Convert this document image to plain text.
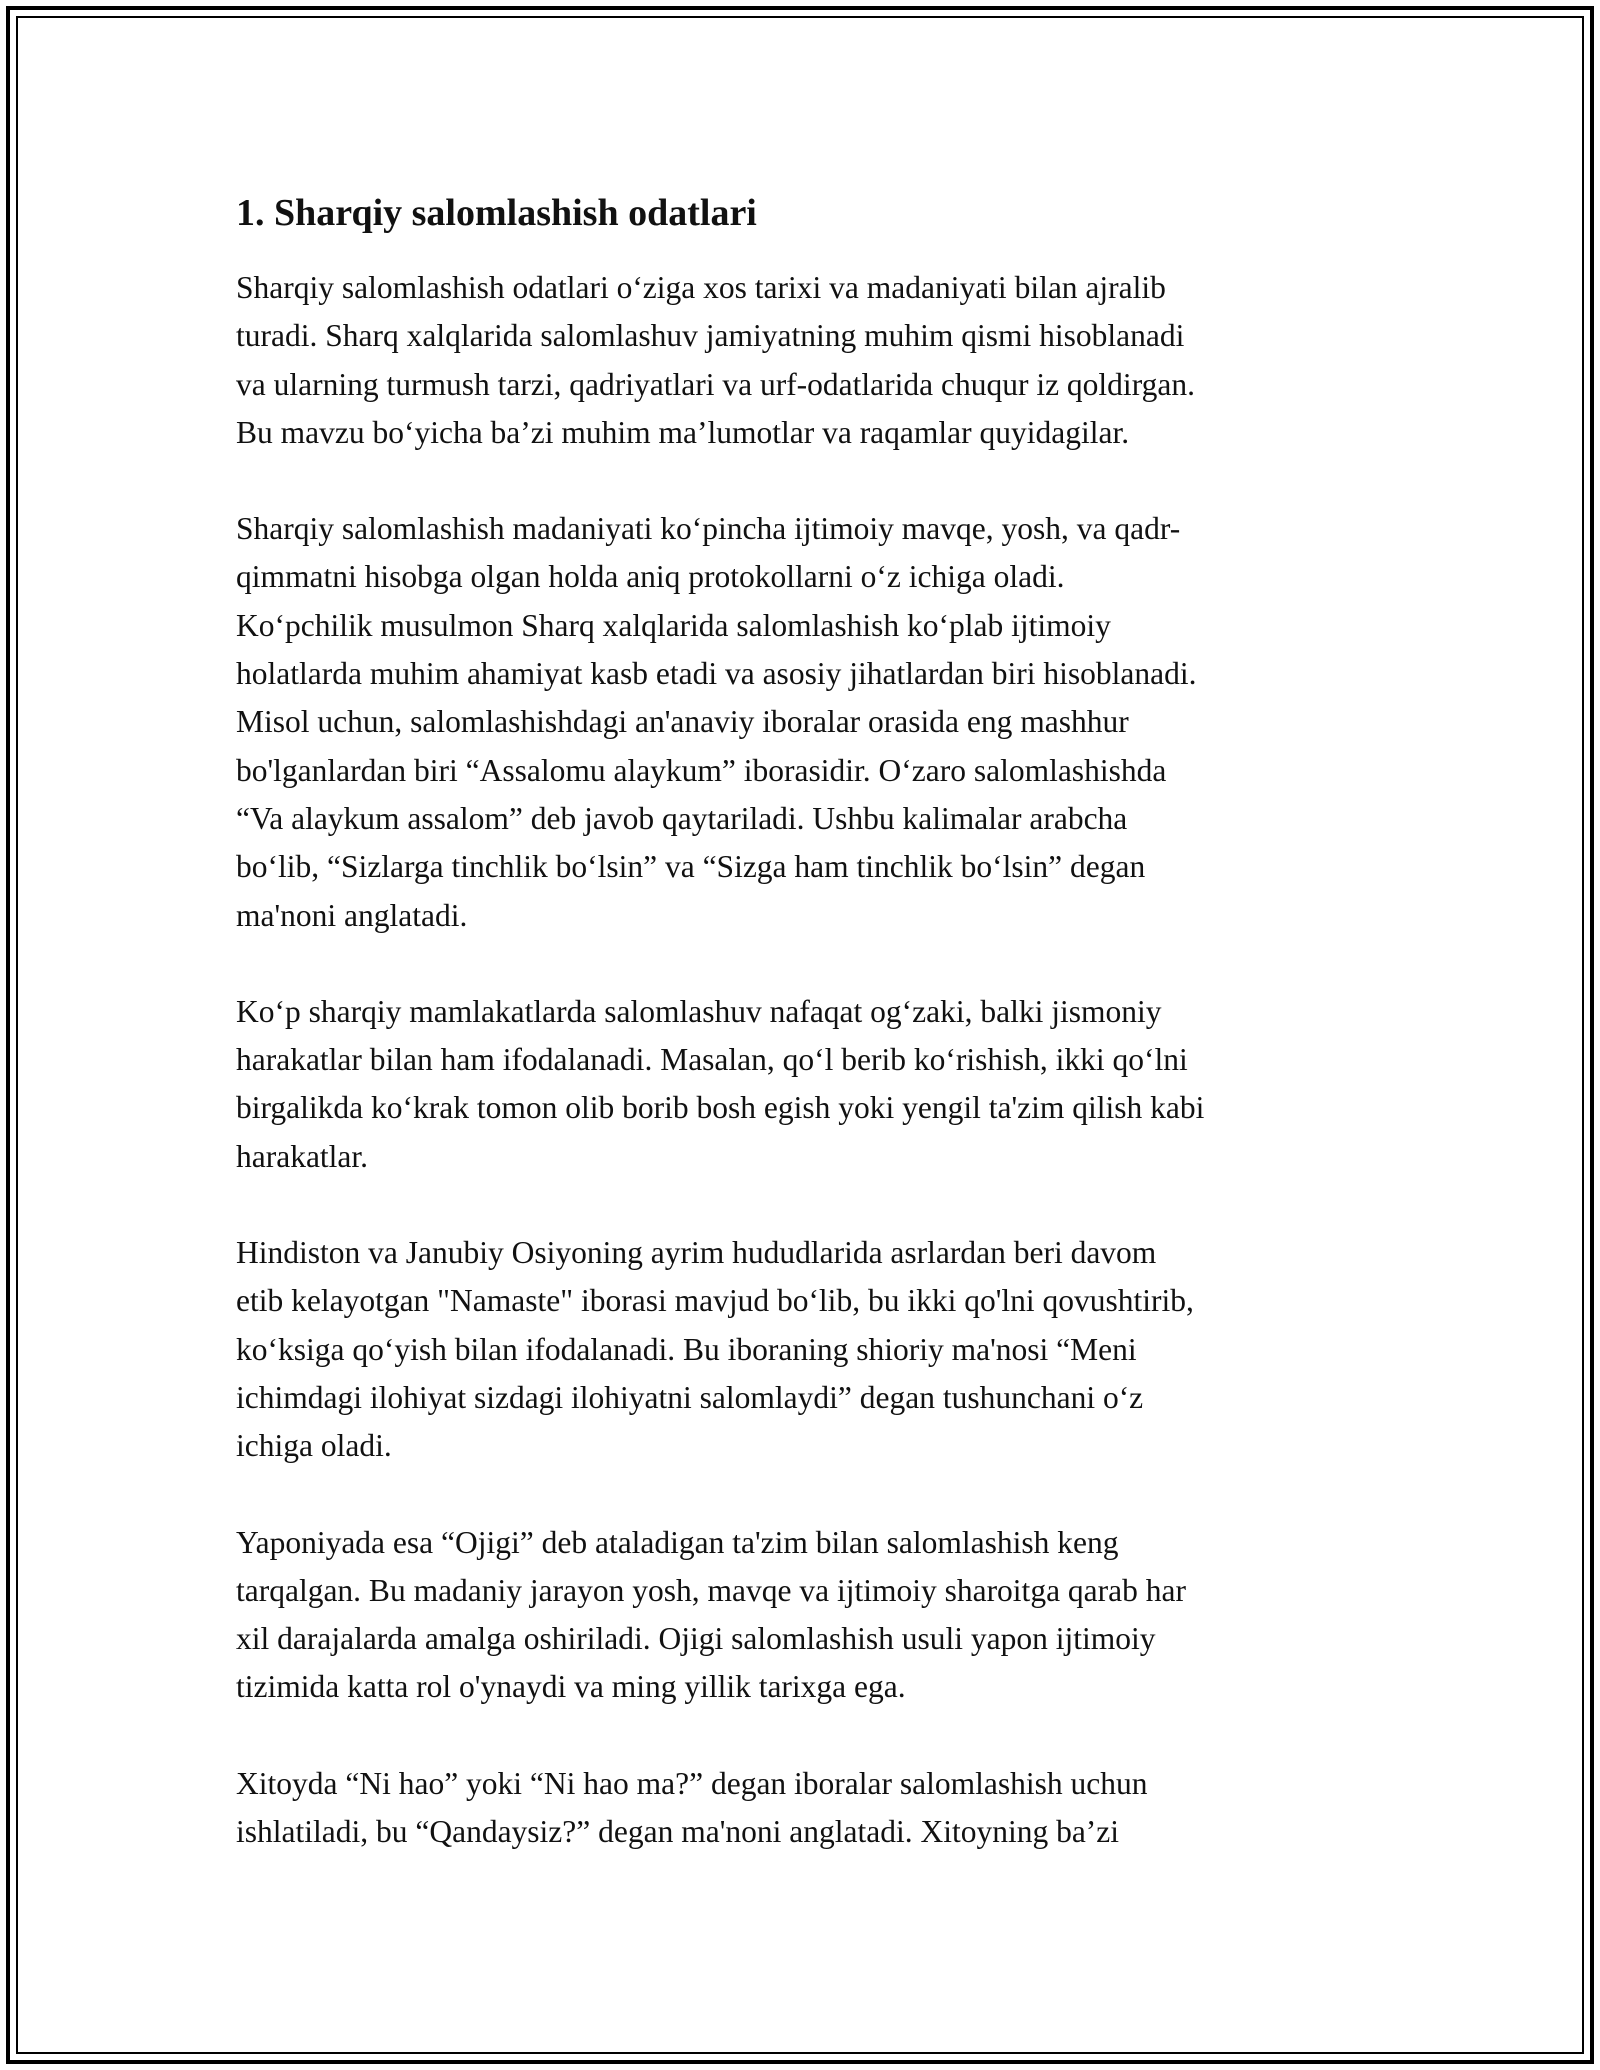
1. Sharqiy salomlashish odatlari

Sharqiy salomlashish odatlari o‘ziga xos tarixi va madaniyati bilan ajralib
turadi. Sharq xalqlarida salomlashuv jamiyatning muhim qismi hisoblanadi
va ularning turmush tarzi, qadriyatlari va urf-odatlarida chuqur iz qoldirgan.
Bu mavzu bo‘yicha ba’zi muhim ma’lumotlar va raqamlar quyidagilar.

Sharqiy salomlashish madaniyati ko‘pincha ijtimoiy mavqe, yosh, va qadr-
qimmatni hisobga olgan holda aniq protokollarni o‘z ichiga oladi.
Ko‘pchilik musulmon Sharq xalqlarida salomlashish ko‘plab ijtimoiy
holatlarda muhim ahamiyat kasb etadi va asosiy jihatlardan biri hisoblanadi.
Misol uchun, salomlashishdagi an'anaviy iboralar orasida eng mashhur
bo'lganlardan biri “Assalomu alaykum” iborasidir. O‘zaro salomlashishda
“Va alaykum assalom” deb javob qaytariladi. Ushbu kalimalar arabcha
bo‘lib, “Sizlarga tinchlik bo‘lsin” va “Sizga ham tinchlik bo‘lsin” degan
ma'noni anglatadi.

Ko‘p sharqiy mamlakatlarda salomlashuv nafaqat og‘zaki, balki jismoniy
harakatlar bilan ham ifodalanadi. Masalan, qo‘l berib ko‘rishish, ikki qo‘lni
birgalikda ko‘krak tomon olib borib bosh egish yoki yengil ta'zim qilish kabi
harakatlar.

Hindiston va Janubiy Osiyoning ayrim hududlarida asrlardan beri davom
etib kelayotgan "Namaste" iborasi mavjud bo‘lib, bu ikki qo'lni qovushtirib,
ko‘ksiga qo‘yish bilan ifodalanadi. Bu iboraning shioriy ma'nosi “Meni
ichimdagi ilohiyat sizdagi ilohiyatni salomlaydi” degan tushunchani o‘z
ichiga oladi.

Yaponiyada esa “Ojigi” deb ataladigan ta'zim bilan salomlashish keng
tarqalgan. Bu madaniy jarayon yosh, mavqe va ijtimoiy sharoitga qarab har
xil darajalarda amalga oshiriladi. Ojigi salomlashish usuli yapon ijtimoiy
tizimida katta rol o'ynaydi va ming yillik tarixga ega.

Xitoyda “Ni hao” yoki “Ni hao ma?” degan iboralar salomlashish uchun
ishlatiladi, bu “Qandaysiz?” degan ma'noni anglatadi. Xitoyning ba’zi
